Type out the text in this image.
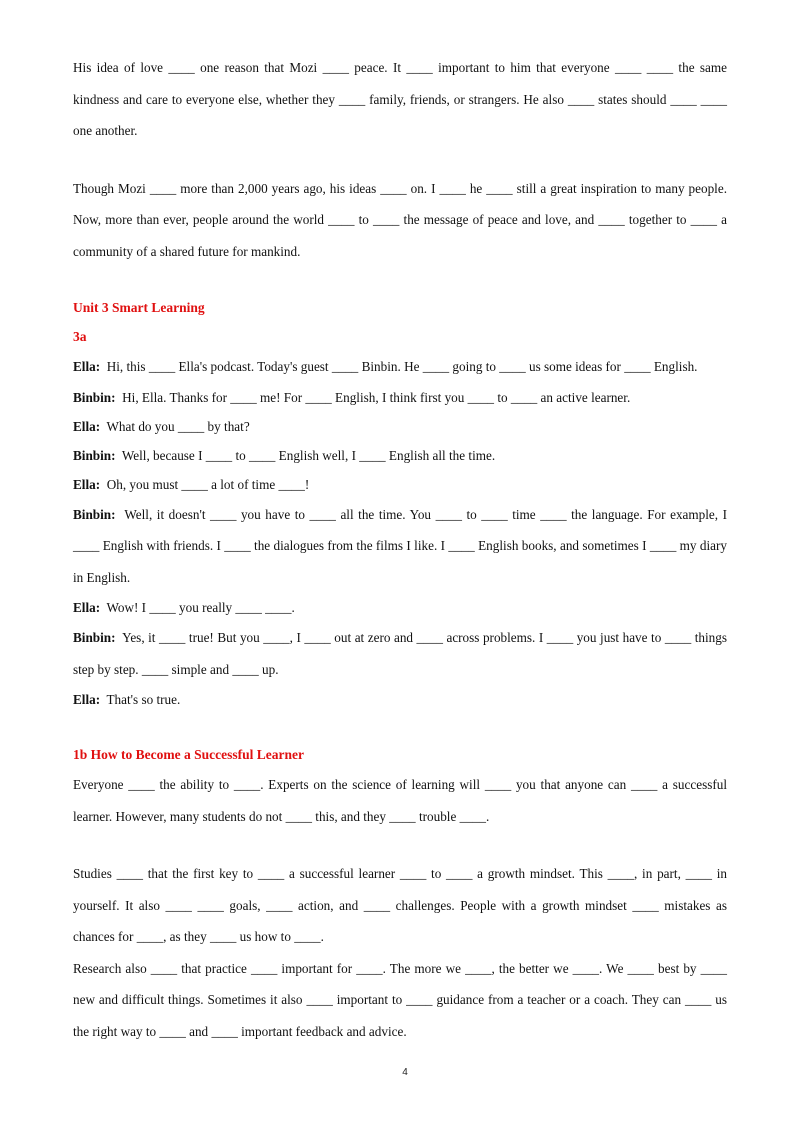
His idea of love ____ one reason that Mozi ____ peace. It ____ important to him that everyone ____ ____ the same kindness and care to everyone else, whether they ____ family, friends, or strangers. He also ____ states should ____ ____ one another.

Though Mozi ____ more than 2,000 years ago, his ideas ____ on. I ____ he ____ still a great inspiration to many people. Now, more than ever, people around the world ____ to ____ the message of peace and love, and ____ together to ____ a community of a shared future for mankind.

Unit 3 Smart Learning

3a

Ella: Hi, this ____ Ella's podcast. Today's guest ____ Binbin. He ____ going to ____ us some ideas for ____ English.

Binbin: Hi, Ella. Thanks for ____ me! For ____ English, I think first you ____ to ____ an active learner.

Ella: What do you ____ by that?

Binbin: Well, because I ____ to ____ English well, I ____ English all the time.

Ella: Oh, you must ____ a lot of time ____!

Binbin: Well, it doesn't ____ you have to ____ all the time. You ____ to ____ time ____ the language. For example, I ____ English with friends. I ____ the dialogues from the films I like. I ____ English books, and sometimes I ____ my diary in English.

Ella: Wow! I ____ you really ____ ____.

Binbin: Yes, it ____ true! But you ____, I ____ out at zero and ____ across problems. I ____ you just have to ____ things step by step. ____ simple and ____ up.

Ella: That's so true.

1b How to Become a Successful Learner

Everyone ____ the ability to ____. Experts on the science of learning will ____ you that anyone can ____ a successful learner. However, many students do not ____ this, and they ____ trouble ____.

Studies ____ that the first key to ____ a successful learner ____ to ____ a growth mindset. This ____, in part, ____ in yourself. It also ____ ____ goals, ____ action, and ____ challenges. People with a growth mindset ____ mistakes as chances for ____, as they ____ us how to ____.

Research also ____ that practice ____ important for ____. The more we ____, the better we ____. We ____ best by ____ new and difficult things. Sometimes it also ____ important to ____ guidance from a teacher or a coach. They can ____ us the right way to ____ and ____ important feedback and advice.

4
